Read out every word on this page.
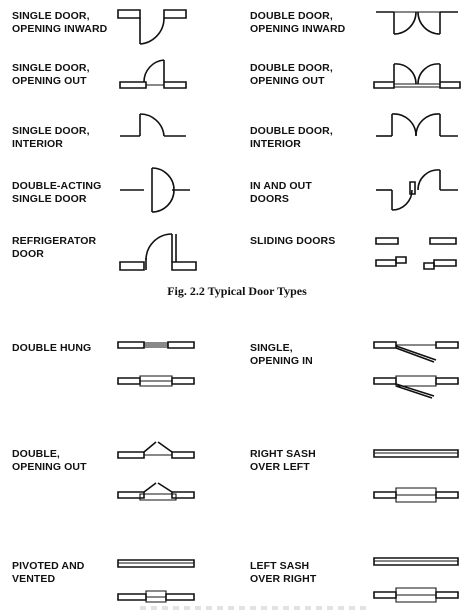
SINGLE DOOR,
OPENING INWARD
SINGLE DOOR,
OPENING OUT
SINGLE DOOR,
INTERIOR
DOUBLE-ACTING
SINGLE DOOR
REFRIGERATOR
DOOR
DOUBLE DOOR,
OPENING INWARD
DOUBLE DOOR,
OPENING OUT
DOUBLE DOOR,
INTERIOR
IN AND OUT
DOORS
SLIDING DOORS
Fig. 2.2 Typical Door Types
DOUBLE HUNG
DOUBLE,
OPENING OUT
PIVOTED AND
VENTED
SINGLE,
OPENING IN
RIGHT SASH
OVER LEFT
LEFT SASH
OVER RIGHT
